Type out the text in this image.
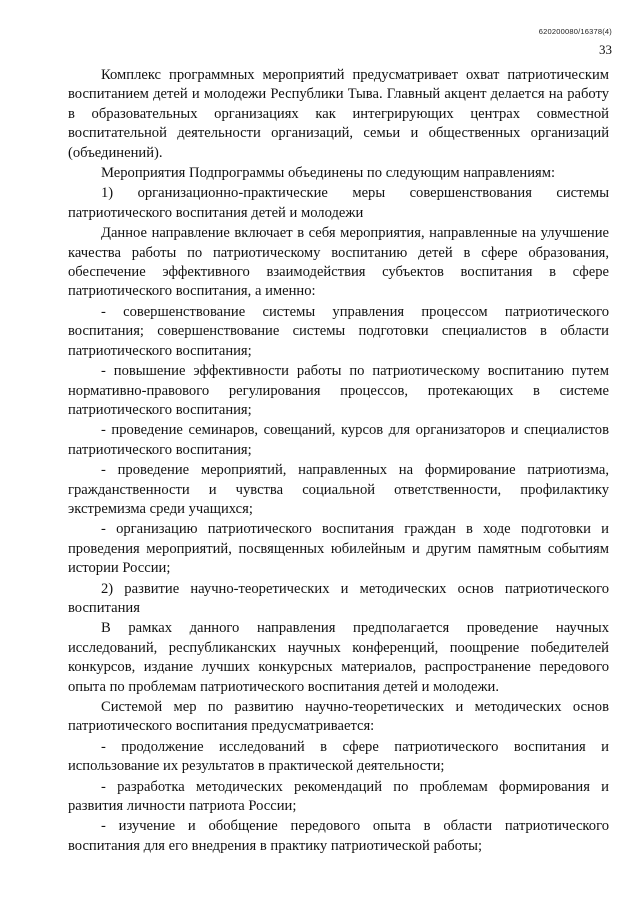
620200080/16378(4)
33

Комплекс программных мероприятий предусматривает охват патриотическим воспитанием детей и молодежи Республики Тыва. Главный акцент делается на работу в образовательных организациях как интегрирующих центрах совместной воспитательной деятельности организаций, семьи и общественных организаций (объединений).

Мероприятия Подпрограммы объединены по следующим направлениям:

1) организационно-практические меры совершенствования системы патриотического воспитания детей и молодежи

Данное направление включает в себя мероприятия, направленные на улучшение качества работы по патриотическому воспитанию детей в сфере образования, обеспечение эффективного взаимодействия субъектов воспитания в сфере патриотического воспитания, а именно:

- совершенствование системы управления процессом патриотического воспитания; совершенствование системы подготовки специалистов в области патриотического воспитания;

- повышение эффективности работы по патриотическому воспитанию путем нормативно-правового регулирования процессов, протекающих в системе патриотического воспитания;

- проведение семинаров, совещаний, курсов для организаторов и специалистов патриотического воспитания;

- проведение мероприятий, направленных на формирование патриотизма, гражданственности и чувства социальной ответственности, профилактику экстремизма среди учащихся;

- организацию патриотического воспитания граждан в ходе подготовки и проведения мероприятий, посвященных юбилейным и другим памятным событиям истории России;

2) развитие научно-теоретических и методических основ патриотического воспитания

В рамках данного направления предполагается проведение научных исследований, республиканских научных конференций, поощрение победителей конкурсов, издание лучших конкурсных материалов, распространение передового опыта по проблемам патриотического воспитания детей и молодежи.

Системой мер по развитию научно-теоретических и методических основ патриотического воспитания предусматривается:

- продолжение исследований в сфере патриотического воспитания и использование их результатов в практической деятельности;

- разработка методических рекомендаций по проблемам формирования и развития личности патриота России;

- изучение и обобщение передового опыта в области патриотического воспитания для его внедрения в практику патриотической работы;
